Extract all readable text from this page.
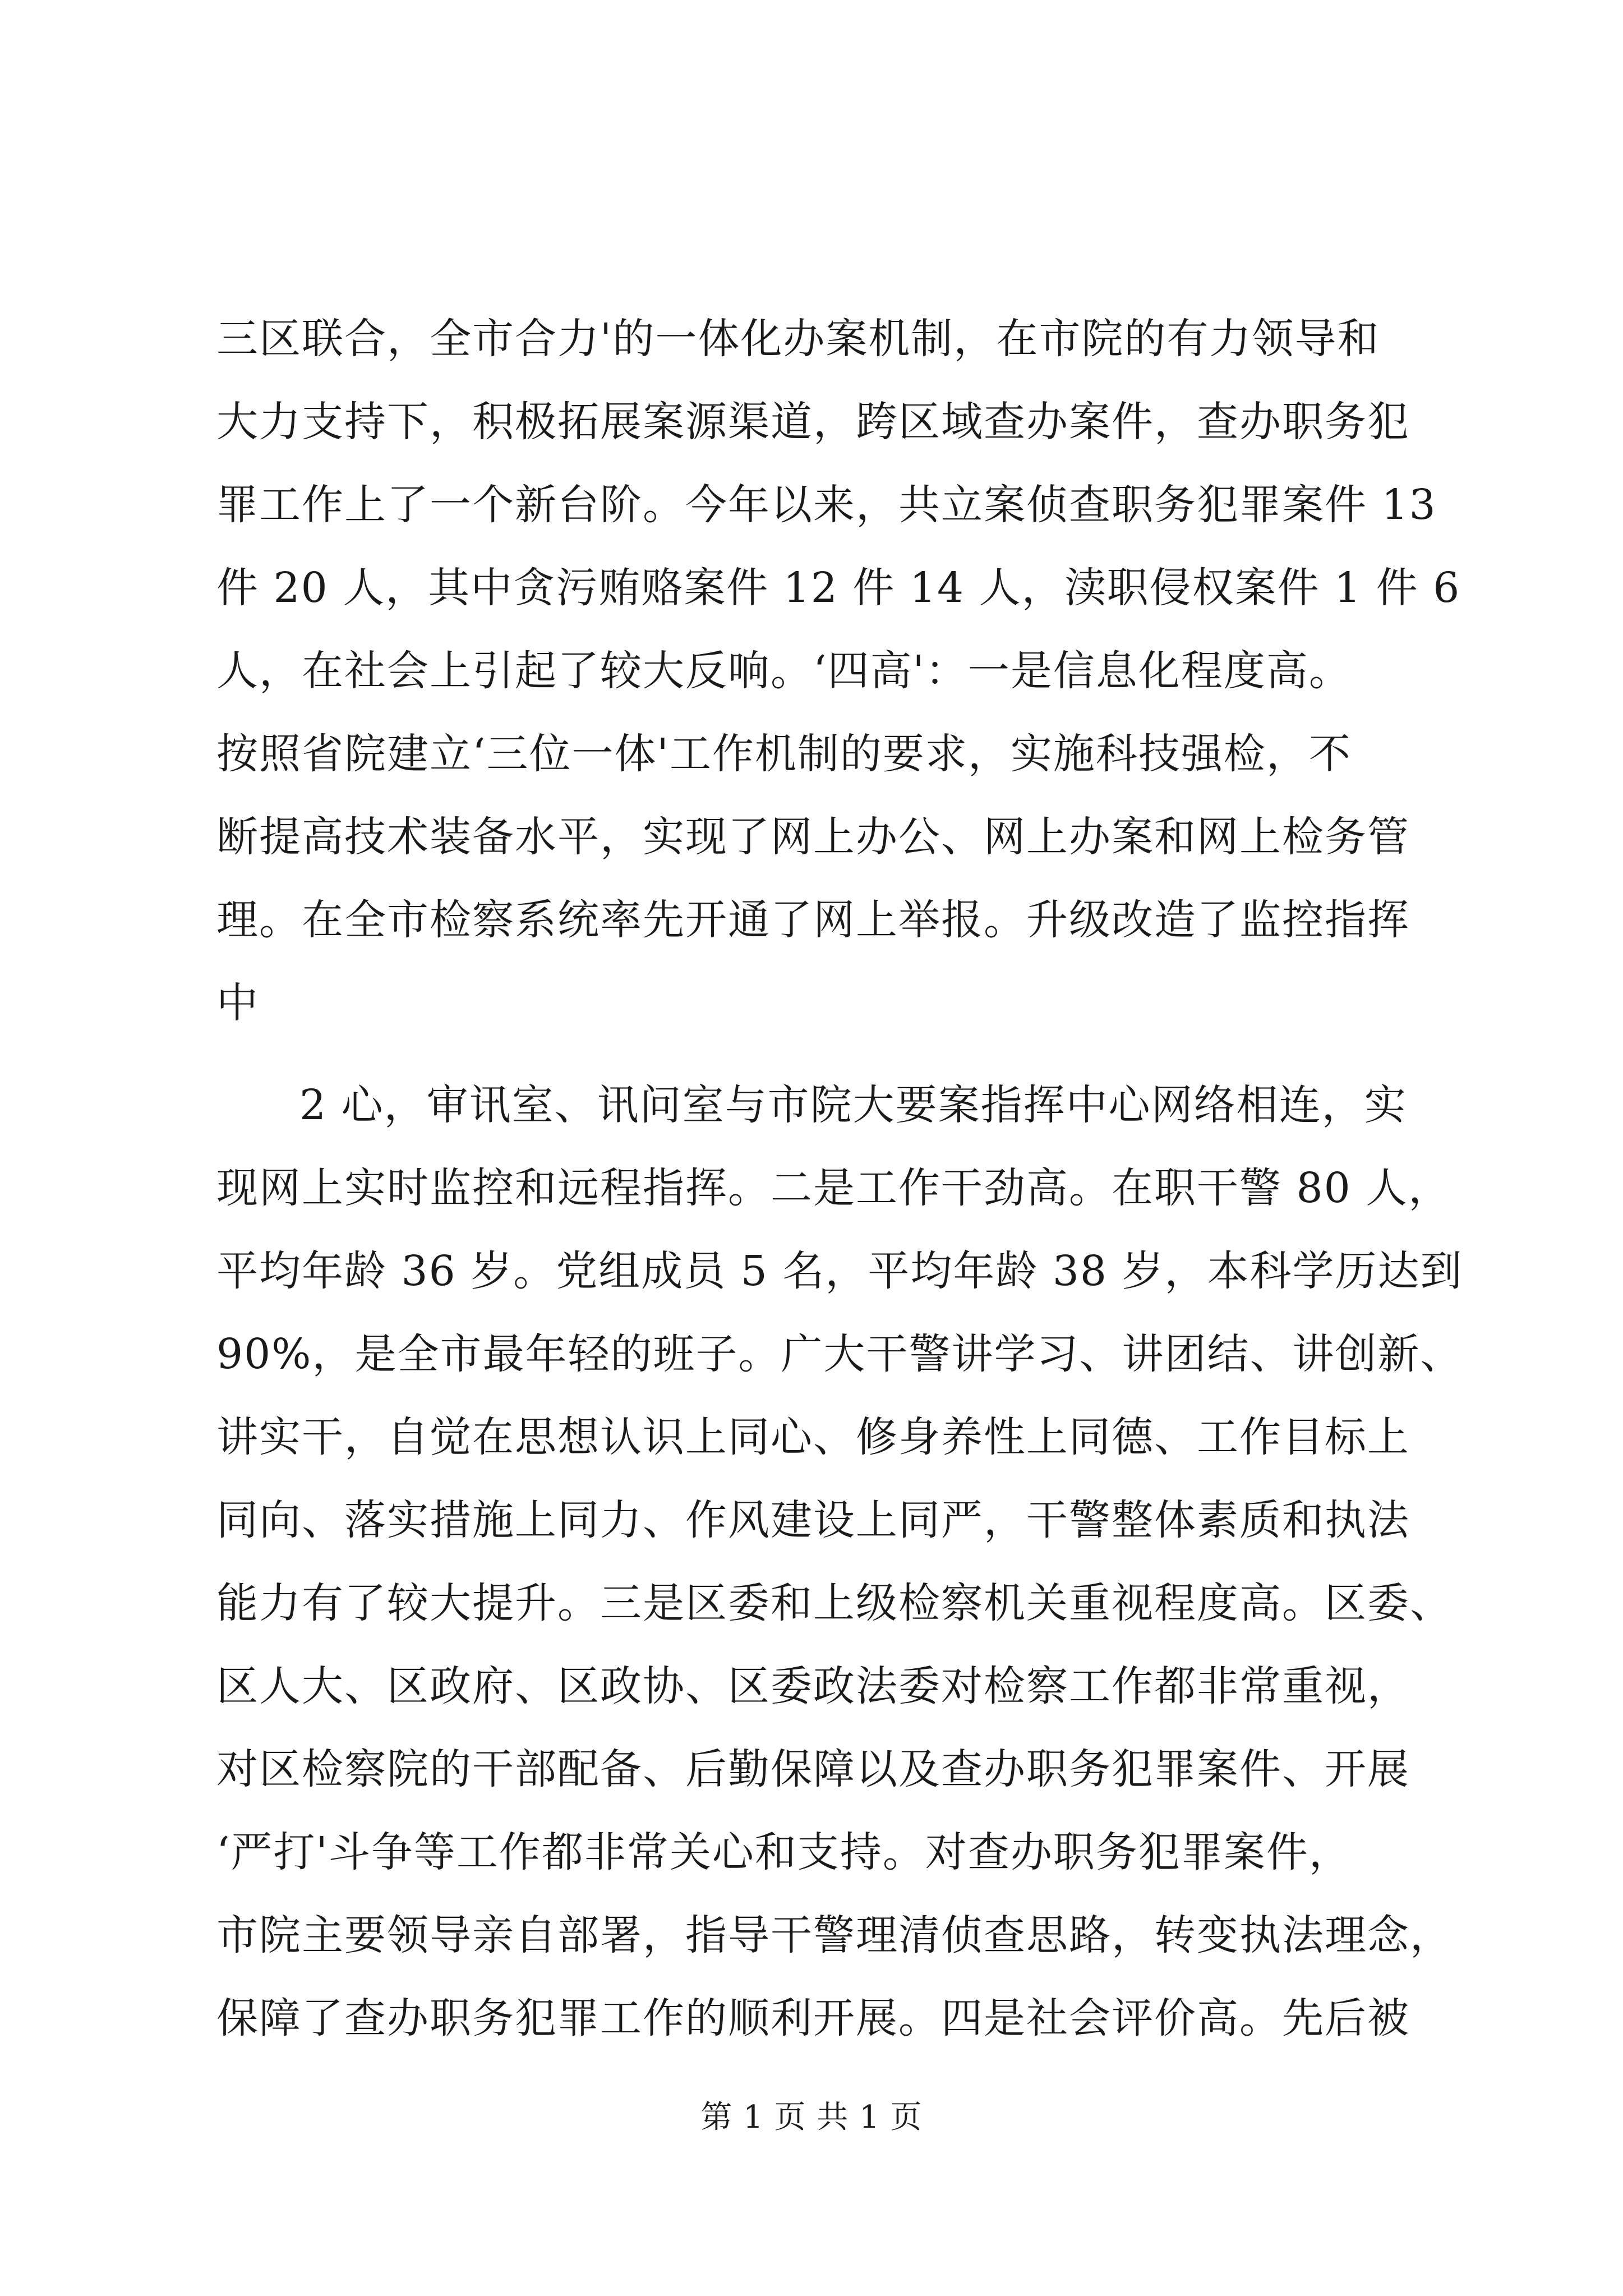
三区联合，全市合力'的一体化办案机制，在市院的有力领导和
大力支持下，积极拓展案源渠道，跨区域查办案件，查办职务犯
罪工作上了一个新台阶。今年以来，共立案侦查职务犯罪案件 13
件 20 人，其中贪污贿赂案件 12 件 14 人，渎职侵权案件 1 件 6
人，在社会上引起了较大反响。‘四高'：一是信息化程度高。
按照省院建立‘三位一体'工作机制的要求，实施科技强检，不
断提高技术装备水平，实现了网上办公、网上办案和网上检务管
理。在全市检察系统率先开通了网上举报。升级改造了监控指挥
中
2 心，审讯室、讯问室与市院大要案指挥中心网络相连，实
现网上实时监控和远程指挥。二是工作干劲高。在职干警 80 人，
平均年龄 36 岁。党组成员 5 名，平均年龄 38 岁，本科学历达到
90%，是全市最年轻的班子。广大干警讲学习、讲团结、讲创新、
讲实干，自觉在思想认识上同心、修身养性上同德、工作目标上
同向、落实措施上同力、作风建设上同严，干警整体素质和执法
能力有了较大提升。三是区委和上级检察机关重视程度高。区委、
区人大、区政府、区政协、区委政法委对检察工作都非常重视，
对区检察院的干部配备、后勤保障以及查办职务犯罪案件、开展
‘严打'斗争等工作都非常关心和支持。对查办职务犯罪案件，
市院主要领导亲自部署，指导干警理清侦查思路，转变执法理念，
保障了查办职务犯罪工作的顺利开展。四是社会评价高。先后被
第 1 页 共 1 页
